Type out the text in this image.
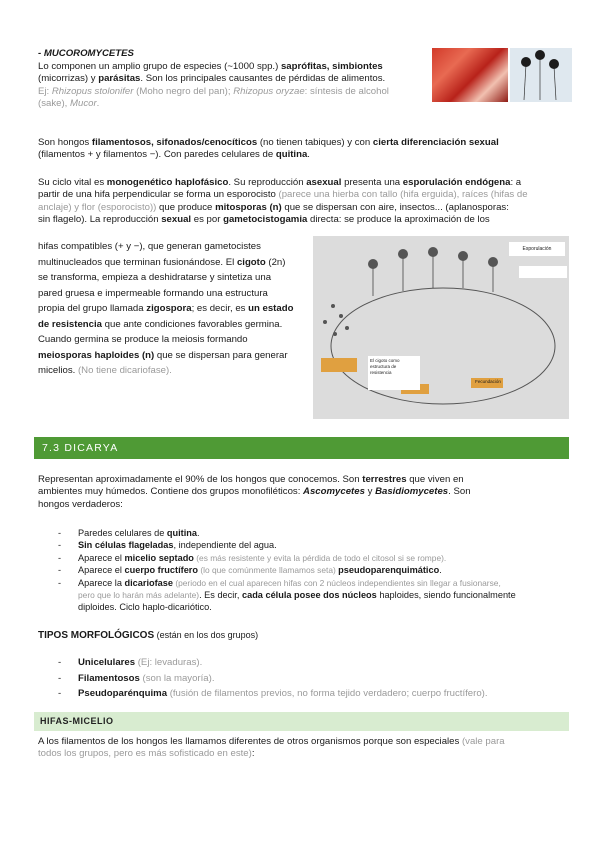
- MUCOROMYCETES

Lo componen un amplio grupo de especies (~1000 spp.) saprófitas, simbiontes

(micorrizas) y parásitas. Son los principales causantes de pérdidas de alimentos.

Ej: Rhizopus stolonifer (Moho negro del pan); Rhizopus oryzae: síntesis de alcohol

(sake), Mucor.

Son hongos filamentosos, sifonados/cenocíticos (no tienen tabiques) y con cierta diferenciación sexual

(filamentos + y filamentos −). Con paredes celulares de quitina.

Su ciclo vital es monogenético haplofásico. Su reproducción asexual presenta una esporulación endógena: a

partir de una hifa perpendicular se forma un esporocisto (parece una hierba con tallo (hifa erguida), raíces (hifas de

anclaje) y flor (esporocisto)) que produce mitosporas (n) que se dispersan con aire, insectos... (aplanosporas:

sin flagelo). La reproducción sexual es por gametocistogamia directa: se produce la aproximación de los

hifas compatibles (+ y −), que generan gametocistes

multinucleados que terminan fusionándose. El cigoto (2n)

se transforma, empieza a deshidratarse y sintetiza una

pared gruesa e impermeable formando una estructura

propia del grupo llamada zigospora; es decir, es un estado

de resistencia que ante condiciones favorables germina.

Cuando germina se produce la meiosis formando

meiosporas haploides (n) que se dispersan para generar

micelios. (No tiene dicariofase).

Esporulación
El cigoto como estructura de resistencia
Fecundación
7.3 DICARYA

Representan aproximadamente el 90% de los hongos que conocemos. Son terrestres que viven en

ambientes muy húmedos. Contiene dos grupos monofiléticos: Ascomycetes y Basidiomycetes. Son

hongos verdaderos:

- Paredes celulares de quitina.
- Sin células flageladas, independiente del agua.
- Aparece el micelio septado (es más resistente y evita la pérdida de todo el citosol si se rompe).
- Aparece el cuerpo fructífero (lo que comúnmente llamamos seta) pseudoparenquimático.
- Aparece la dicariofase (periodo en el cual aparecen hifas con 2 núcleos independientes sin llegar a fusionarse,
pero que lo harán más adelante). Es decir, cada célula posee dos núcleos haploides, siendo funcionalmente
diploides. Ciclo haplo-dicariótico.
TIPOS MORFOLÓGICOS (están en los dos grupos)
- Unicelulares (Ej: levaduras).
- Filamentosos (son la mayoría).
- Pseudoparénquima (fusión de filamentos previos, no forma tejido verdadero; cuerpo fructífero).
HIFAS-MICELIO

A los filamentos de los hongos les llamamos diferentes de otros organismos porque son especiales (vale para

todos los grupos, pero es más sofisticado en este):
